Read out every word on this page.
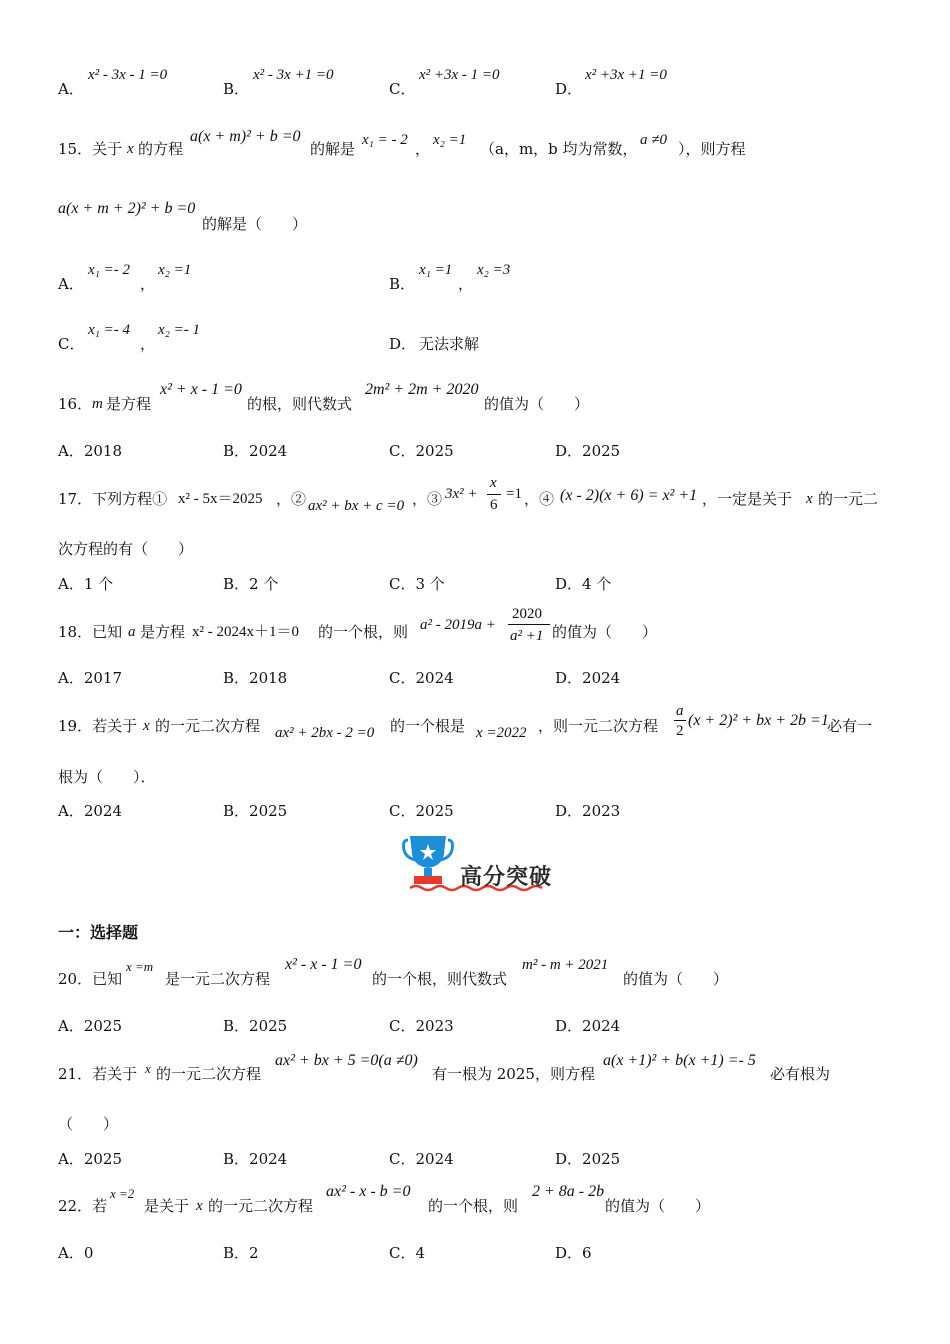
A．
x² - 3x - 1 =0
B．
x² - 3x +1 =0
C．
x² +3x - 1 =0
D．
x² +3x +1 =0
15．关于 x 的方程
a(x + m)² + b =0
的解是 x₁ = - 2 ， x₂ =1 （a，m，b 均为常数， a ≠0 ），则方程
a(x + m + 2)² + b =0
的解是（　　）
A．
x₁ =- 2
，
x₂ =1
B．
x₁ =1
，
x₂ =3
C．
x₁ =- 4
，
x₂ =- 1
D． 无法求解
16． m 是方程
x² + x - 1 =0
的根，则代数式
2m² + 2m + 2020
的值为（　　）
A．2018	B．2024	C．2025	D．2025
17．下列方程① x² - 5x＝2025 ，② ax² + bx + c =0 ，③ 3x² +
x
6
=1 ，④ (x - 2)(x + 6) = x² +1 ，一定是关于 x 的一元二
次方程的有（　　）
A．1 个	B．2 个	C．3 个	D．4 个
18．已知 a 是方程 x² - 2024x＋1＝0 的一个根，则 a² - 2019a +
2020
a² +1 的值为（　　）
A．2017	B．2018	C．2024	D．2024
19．若关于 x 的一元二次方程 ax² + 2bx - 2 =0 的一个根是 x =2022 ，则一元二次方程
a
2
(x + 2)² + bx + 2b =1
必有一
根为（　　）．
A．2024	B．2025	C．2025	D．2023
高分突破
一：选择题
20．已知
x =m
是一元二次方程
x² - x - 1 =0
的一个根，则代数式
m² - m + 2021
的值为（　　）
A．2025	B．2025	C．2023	D．2024
21．若关于 x 的一元二次方程
ax² + bx + 5 =0(a ≠0)
有一根为 2025，则方程
a(x +1)² + b(x +1) =- 5
必有根为
（　　）
A．2025	B．2024	C．2024	D．2025
22．若
x =2
是关于 x 的一元二次方程
ax² - x - b =0
的一个根，则
2 + 8a - 2b
的值为（　　）
A．0	B．2	C．4	D．6
